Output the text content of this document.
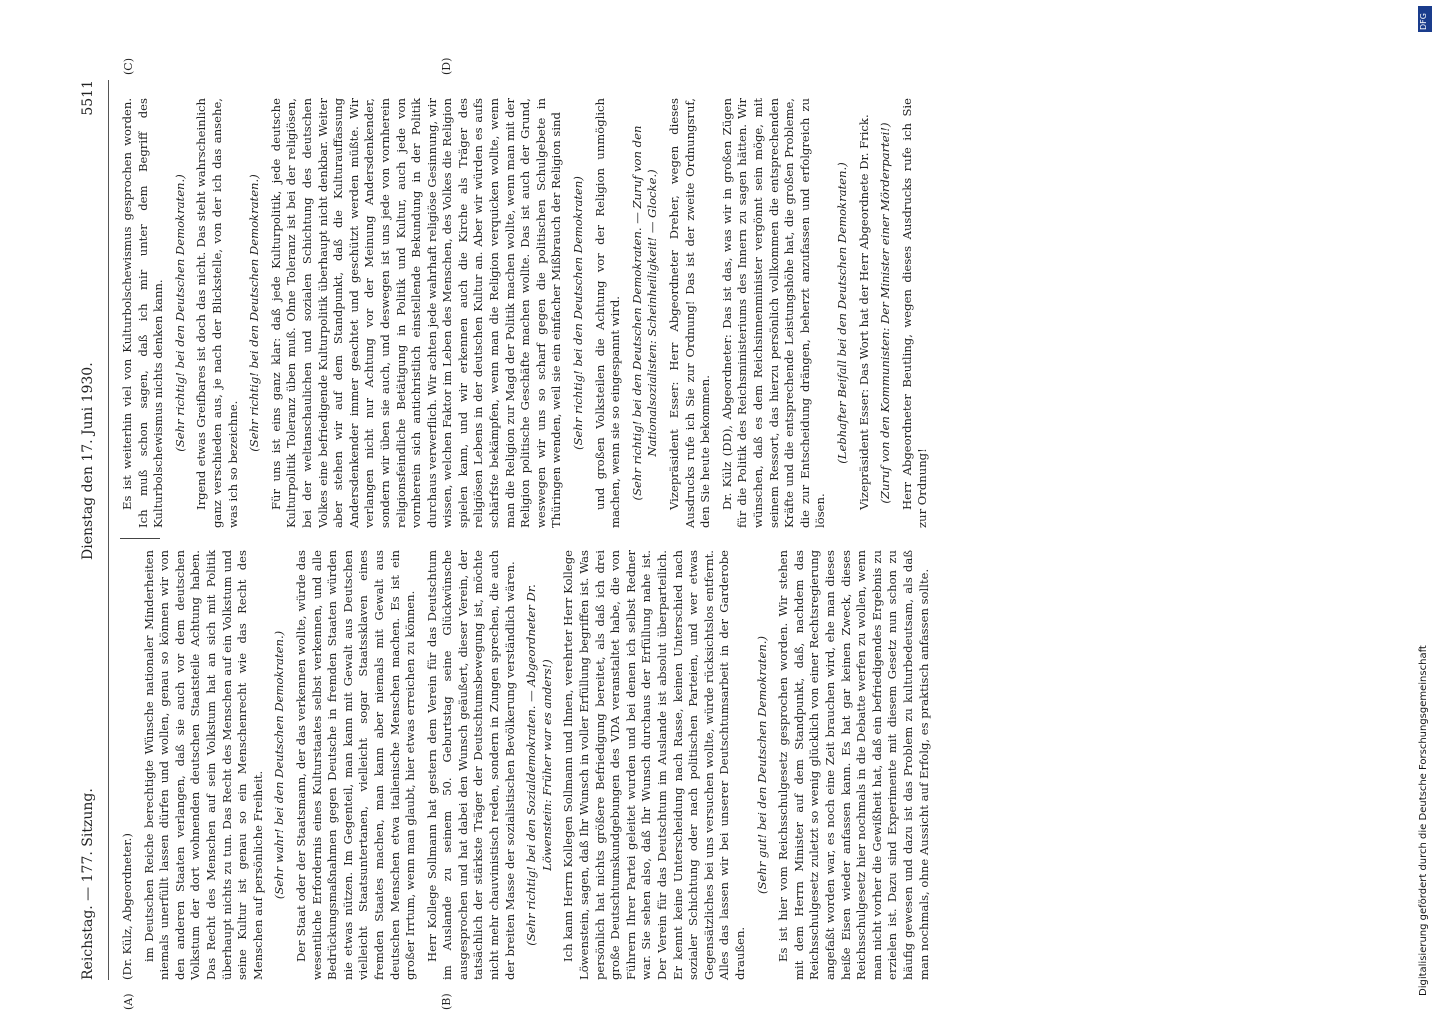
Reichstag. — 177. Sitzung.
Dienstag den 17. Juni 1930.
5511
(A)	(B)
(C)	(D)

(Dr. Külz, Abgeordneter.) im Deutschen Reiche berechtigte Wünsche nationaler Minderheiten niemals unerfüllt lassen dürfen und wollen, genau so können wir von den anderen Staaten verlangen, daß sie auch vor dem deutschen Volkstum der dort wohnenden deutschen Staatsteile Achtung haben. Das Recht des Menschen auf sein Volkstum hat an sich mit Politik überhaupt nichts zu tun. Das Recht des Menschen auf ein Volkstum und seine Kultur ist genau so ein Menschenrecht wie das Recht des Menschen auf persönliche Freiheit. (Sehr wahr! bei den Deutschen Demokraten.) Der Staat oder der Staatsmann, der das verkennen wollte, würde das wesentliche Erfordernis eines Kulturstaates selbst verkennen, und alle Bedrückungsmaßnahmen gegen Deutsche in fremden Staaten würden nie etwas nützen. Im Gegenteil, man kann mit Gewalt aus Deutschen vielleicht Staatsuntertanen, vielleicht sogar Staatssklaven eines fremden Staates machen, man kann aber niemals mit Gewalt aus deutschen Menschen etwa italienische Menschen machen. Es ist ein großer Irrtum, wenn man glaubt, hier etwas erreichen zu können. Herr Kollege Sollmann hat gestern dem Verein für das Deutschtum im Auslande zu seinem 50. Geburtstag seine Glückwünsche ausgesprochen und hat dabei den Wunsch geäußert, dieser Verein, der tatsächlich der stärkste Träger der Deutschtumsbewegung ist, möchte nicht mehr chauvinistisch reden, sondern in Zungen sprechen, die auch der breiten Masse der sozialistischen Bevölkerung verständlich wären. (Sehr richtig! bei den Sozialdemokraten. — Abgeordneter Dr. Löwenstein: Früher war es anders!) Ich kann Herrn Kollegen Sollmann und Ihnen, verehrter Herr Kollege Löwenstein, sagen, daß Ihr Wunsch in voller Erfüllung begriffen ist. Was persönlich hat nichts größere Befriedigung bereitet, als daß ich drei große Deutschtumskundgebungen des VDA veranstaltet habe, die von Führern Ihrer Partei geleitet wurden und bei denen ich selbst Redner war. Sie sehen also, daß Ihr Wunsch durchaus der Erfüllung nahe ist. Der Verein für das Deutschtum im Auslande ist absolut überparteilich. Er kennt keine Unterscheidung nach Rasse, keinen Unterschied nach sozialer Schichtung oder nach politischen Parteien, und wer etwas Gegensätzliches bei uns versuchen wollte, würde rücksichtslos entfernt. Alles das lassen wir bei unserer Deutschtumsarbeit in der Garderobe draußen.

(Sehr gut! bei den Deutschen Demokraten.) Es ist hier vom Reichsschulgesetz gesprochen worden. Wir stehen mit dem Herrn Minister auf dem Standpunkt, daß, nachdem das Reichsschulgesetz zuletzt so wenig glücklich von einer Rechtsregierung angefaßt worden war, es noch eine Zeit brauchen wird, ehe man dieses heiße Eisen wieder anfassen kann. Es hat gar keinen Zweck, dieses Reichsschulgesetz hier nochmals in die Debatte werfen zu wollen, wenn man nicht vorher die Gewißheit hat, daß ein befriedigendes Ergebnis zu erzielen ist. Dazu sind Experimente mit diesem Gesetz nun schon zu häufig gewesen und dazu ist das Problem zu kulturbedeutsam, als daß man nochmals, ohne Aussicht auf Erfolg, es praktisch anfassen sollte.

Es ist weiterhin viel von Kulturbolschewismus gesprochen worden. Ich muß schon sagen, daß ich mir unter dem Begriff des Kulturbolschewismus nichts denken kann. (Sehr richtig! bei den Deutschen Demokraten.) Irgend etwas Greifbares ist doch das nicht. Das steht wahrscheinlich ganz verschieden aus, je nach der Blickstelle, von der ich das ansehe, was ich so bezeichne.

(Sehr richtig! bei den Deutschen Demokraten.) Für uns ist eins ganz klar: daß jede Kulturpolitik, jede deutsche Kulturpolitik Toleranz üben muß. Ohne Toleranz ist bei der religiösen, bei der weltanschaulichen und sozialen Schichtung des deutschen Volkes eine befriedigende Kulturpolitik überhaupt nicht denkbar. Weiter aber stehen wir auf dem Standpunkt, daß die Kulturauffassung Andersdenkender immer geachtet und geschützt werden müßte. Wir verlangen nicht nur Achtung vor der Meinung Andersdenkender, sondern wir üben sie auch, und deswegen ist uns jede von vornherein religionsfeindliche Betätigung in Politik und Kultur, auch jede von vornherein sich antichristlich einstellende Bekundung in der Politik durchaus verwerflich. Wir achten jede wahrhaft religiöse Gesinnung, wir wissen, welchen Faktor im Leben des Menschen, des Volkes die Religion spielen kann, und wir erkennen auch die Kirche als Träger des religiösen Lebens in der deutschen Kultur an. Aber wir würden es aufs schärfste bekämpfen, wenn man die Religion verquicken wollte, wenn man die Religion zur Magd der Politik machen wollte, wenn man mit der Religion politische Geschäfte machen wollte. Das ist auch der Grund, weswegen wir uns so scharf gegen die politischen Schulgebete in Thüringen wenden, weil sie ein einfacher Mißbrauch der Religion sind (Sehr richtig! bei den Deutschen Demokraten) und großen Volksteilen die Achtung vor der Religion unmöglich machen, wenn sie so eingespannt wird. (Sehr richtig! bei den Deutschen Demokraten. — Zuruf von den Nationalsozialisten: Scheinheiligkeit! — Glocke.) Vizepräsident Esser: Herr Abgeordneter Dreher, wegen dieses Ausdrucks rufe ich Sie zur Ordnung! Das ist der zweite Ordnungsruf, den Sie heute bekommen. Dr. Külz (DD), Abgeordneter: Das ist das, was wir in großen Zügen für die Politik des Reichsministeriums des Innern zu sagen hätten. Wir wünschen, daß es dem Reichsinnenminister vergönnt sein möge, mit seinem Ressort, das hierzu persönlich vollkommen die entsprechenden Kräfte und die entsprechende Leistungshöhe hat, die großen Probleme, die zur Entscheidung drängen, beherzt anzufassen und erfolgreich zu lösen.

(Lebhafter Beifall bei den Deutschen Demokraten.) Vizepräsident Esser: Das Wort hat der Herr Abgeordnete Dr. Frick. (Zuruf von den Kommunisten: Der Minister einer Mörderpartei!) Herr Abgeordneter Beutling, wegen dieses Ausdrucks rufe ich Sie zur Ordnung!

Digitalisierung gefördert durch die Deutsche Forschungsgemeinschaft
DFG
